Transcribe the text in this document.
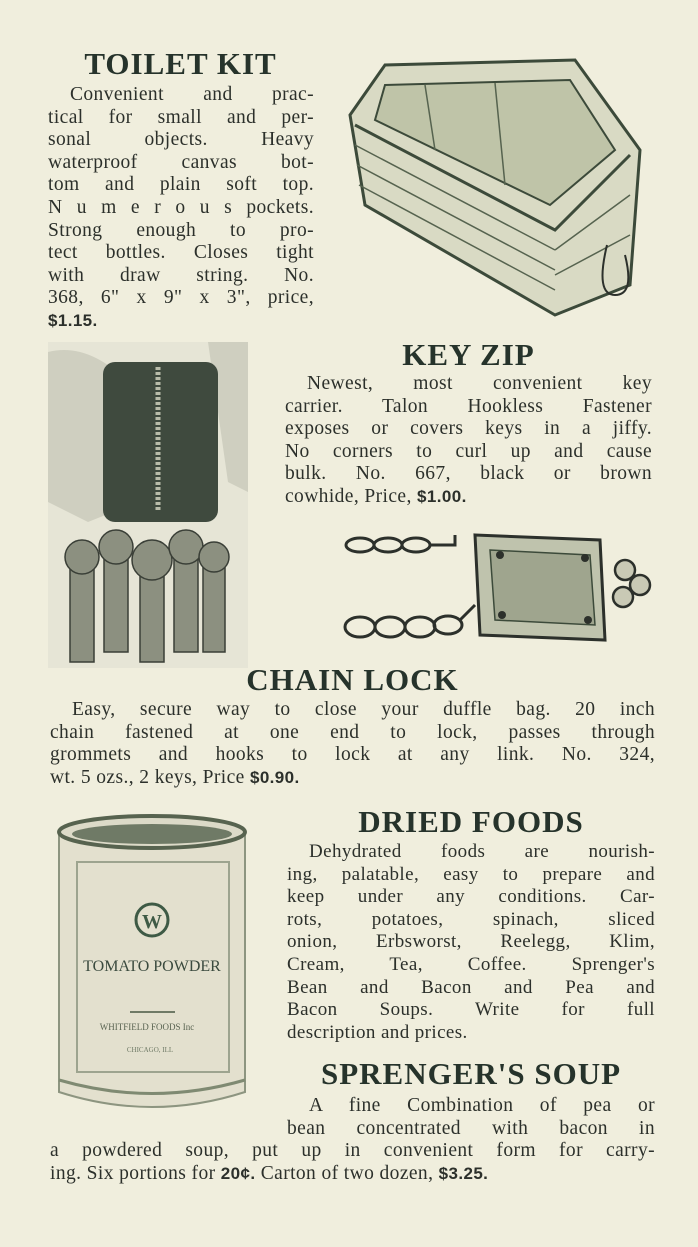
TOILET KIT
Convenient and prac-
tical for small and per-
sonal objects. Heavy
waterproof canvas bot-
tom and plain soft top.
N u m e r o u s pockets.
Strong enough to pro-
tect bottles. Closes tight
with draw string. No.
368, 6" x 9" x 3", price,
$1.15.
KEY ZIP
Newest, most convenient key
carrier. Talon Hookless Fastener
exposes or covers keys in a jiffy.
No corners to curl up and cause
bulk. No. 667, black or brown
cowhide, Price, $1.00.
CHAIN LOCK
Easy, secure way to close your duffle bag. 20 inch
chain fastened at one end to lock, passes through
grommets and hooks to lock at any link. No. 324,
wt. 5 ozs., 2 keys, Price $0.90.
W
TOMATO POWDER
WHITFIELD FOODS Inc
CHICAGO, ILL
DRIED FOODS
Dehydrated foods are nourish-
ing, palatable, easy to prepare and
keep under any conditions. Car-
rots, potatoes, spinach, sliced
onion, Erbsworst, Reelegg, Klim,
Cream, Tea, Coffee. Sprenger's
Bean and Bacon and Pea and
Bacon Soups. Write for full
description and prices.
SPRENGER'S SOUP
A fine Combination of pea or
bean concentrated with bacon in
a powdered soup, put up in convenient form for carry-
ing. Six portions for 20¢. Carton of two dozen, $3.25.
